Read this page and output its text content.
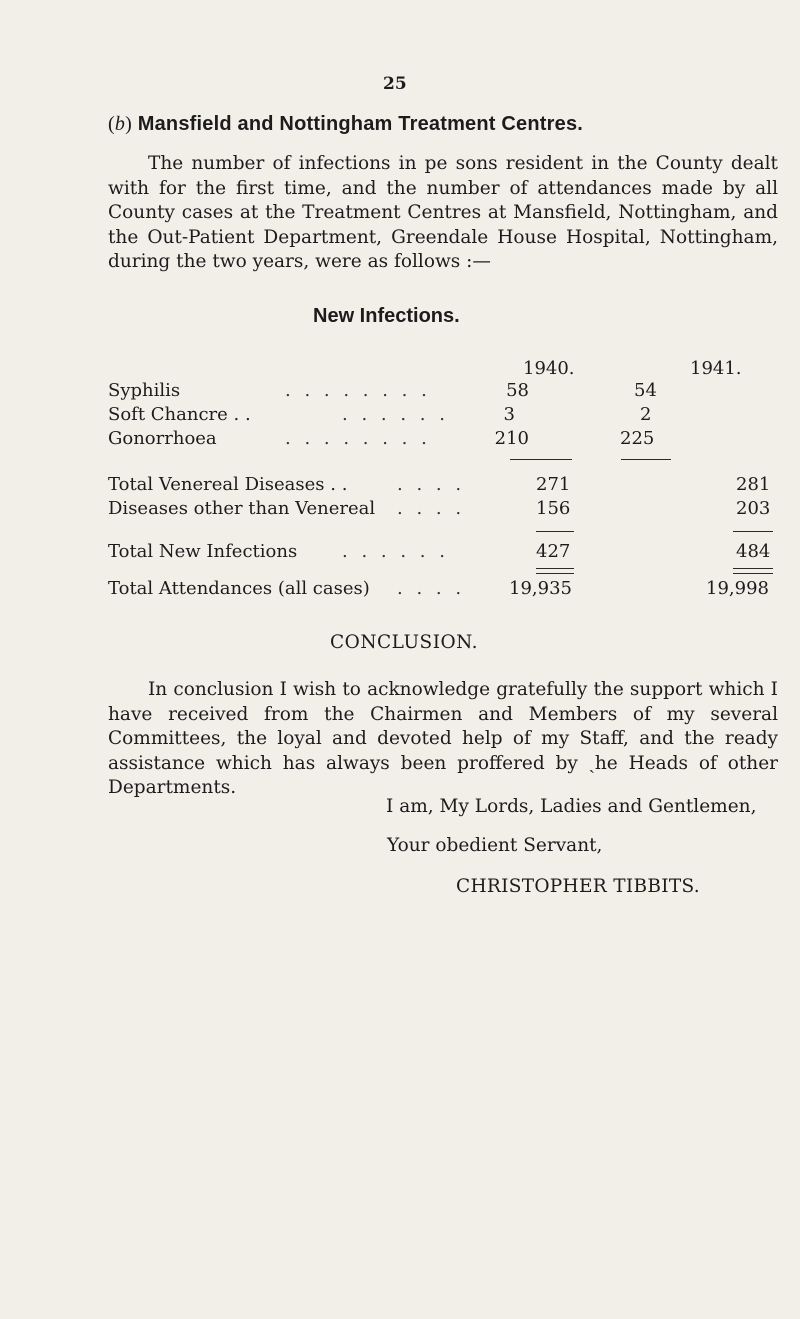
25
(b) Mansfield and Nottingham Treatment Centres.
The number of infections in pe sons resident in the County dealt with for the first time, and the number of attendances made by all County cases at the Treatment Centres at Mansfield, Nottingham, and the Out-Patient Department, Greendale House Hospital, Nottingham, during the two years, were as follows :—
New Infections.
1940.	1941.
Syphilis	. . . . . . . .	58	54
Soft Chancre . .	. . . . . .	3	2
Gonorrhoea	. . . . . . . .	210	225
Total Venereal Diseases . .	. . . .	271	281
Diseases other than Venereal . . . .	156	203
Total New Infections . . . . . .	427	484
Total Attendances (all cases) . . . . 19,935	19,998
CONCLUSION.
In conclusion I wish to acknowledge gratefully the support which I have received from the Chairmen and Members of my several Committees, the loyal and devoted help of my Staff, and the ready assistance which has always been proffered by ˏhe Heads of other Departments.
I am, My Lords, Ladies and Gentlemen,
Your obedient Servant,
CHRISTOPHER TIBBITS.
